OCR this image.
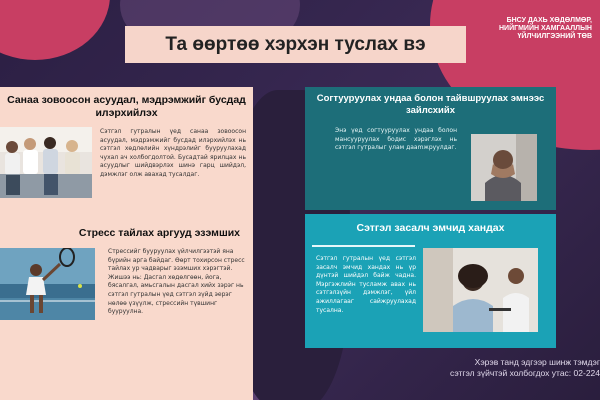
Та өөртөө хэрхэн туслах вэ
БНСУ ДАХЬ ХӨДӨЛМӨР,
НИЙГМИЙН ХАМГААЛЛЫН
ҮЙЛЧИЛГЭЭНИЙ ТӨВ
Санаа зовоосон асуудал, мэдрэмжийг бусдад илэрхийлэх
Сэтгэл гутралын үед санаа зовоосон асуудал, мэдрэмжийг бусдад илэрхийлэх нь сэтгэл хөдлөлийн хүндрэлийг бууруулахад чухал ач холбогдолтой. Бусадтай ярилцах нь асуудлыг шийдвэрлэх шинэ гарц шийдэл, дэмжлэг олж авахад тусалдаг.
Стресс тайлах аргууд эзэмших
Стрессийг бууруулах үйлчилгээтэй яна бүрийн арга байдаг. Өөрт тохирсон стресс тайлах ур чадварыг эзэмших хэрэгтэй. Жишээ нь: Дасгал хөдөлгөөн, йога, бясалгал, амьсгалын дасгал хийх зэрэг нь сэтгэл гутралын үед сэтгэл зүйд эерэг нөлөө үзүүлж, стрессийн түвшинг бууруулна.
Согтууруулах ундаа болон тайвшруулах эмнээс зайлсхийх
Энэ үед согтууруулах ундаа болон мансууруулах бодис хэрэглэх нь сэтгэл гутралыг улам дааmжруулдаг.
Сэтгэл засалч эмчид хандах
Сэтгэл гутралын үед сэтгэл засалч эмчид хандах нь үр дүнтэй шийдэл байж чадна. Мэргэжлийн тусламж авах нь сэтгэлзүйн дэмжлэг, үйл ажиллагааг сайжруулахад тусална.
Хэрэв танд эдгээр шинж тэмдэг
сэтгэл зүйчтэй холбогдох утас: 02-224
